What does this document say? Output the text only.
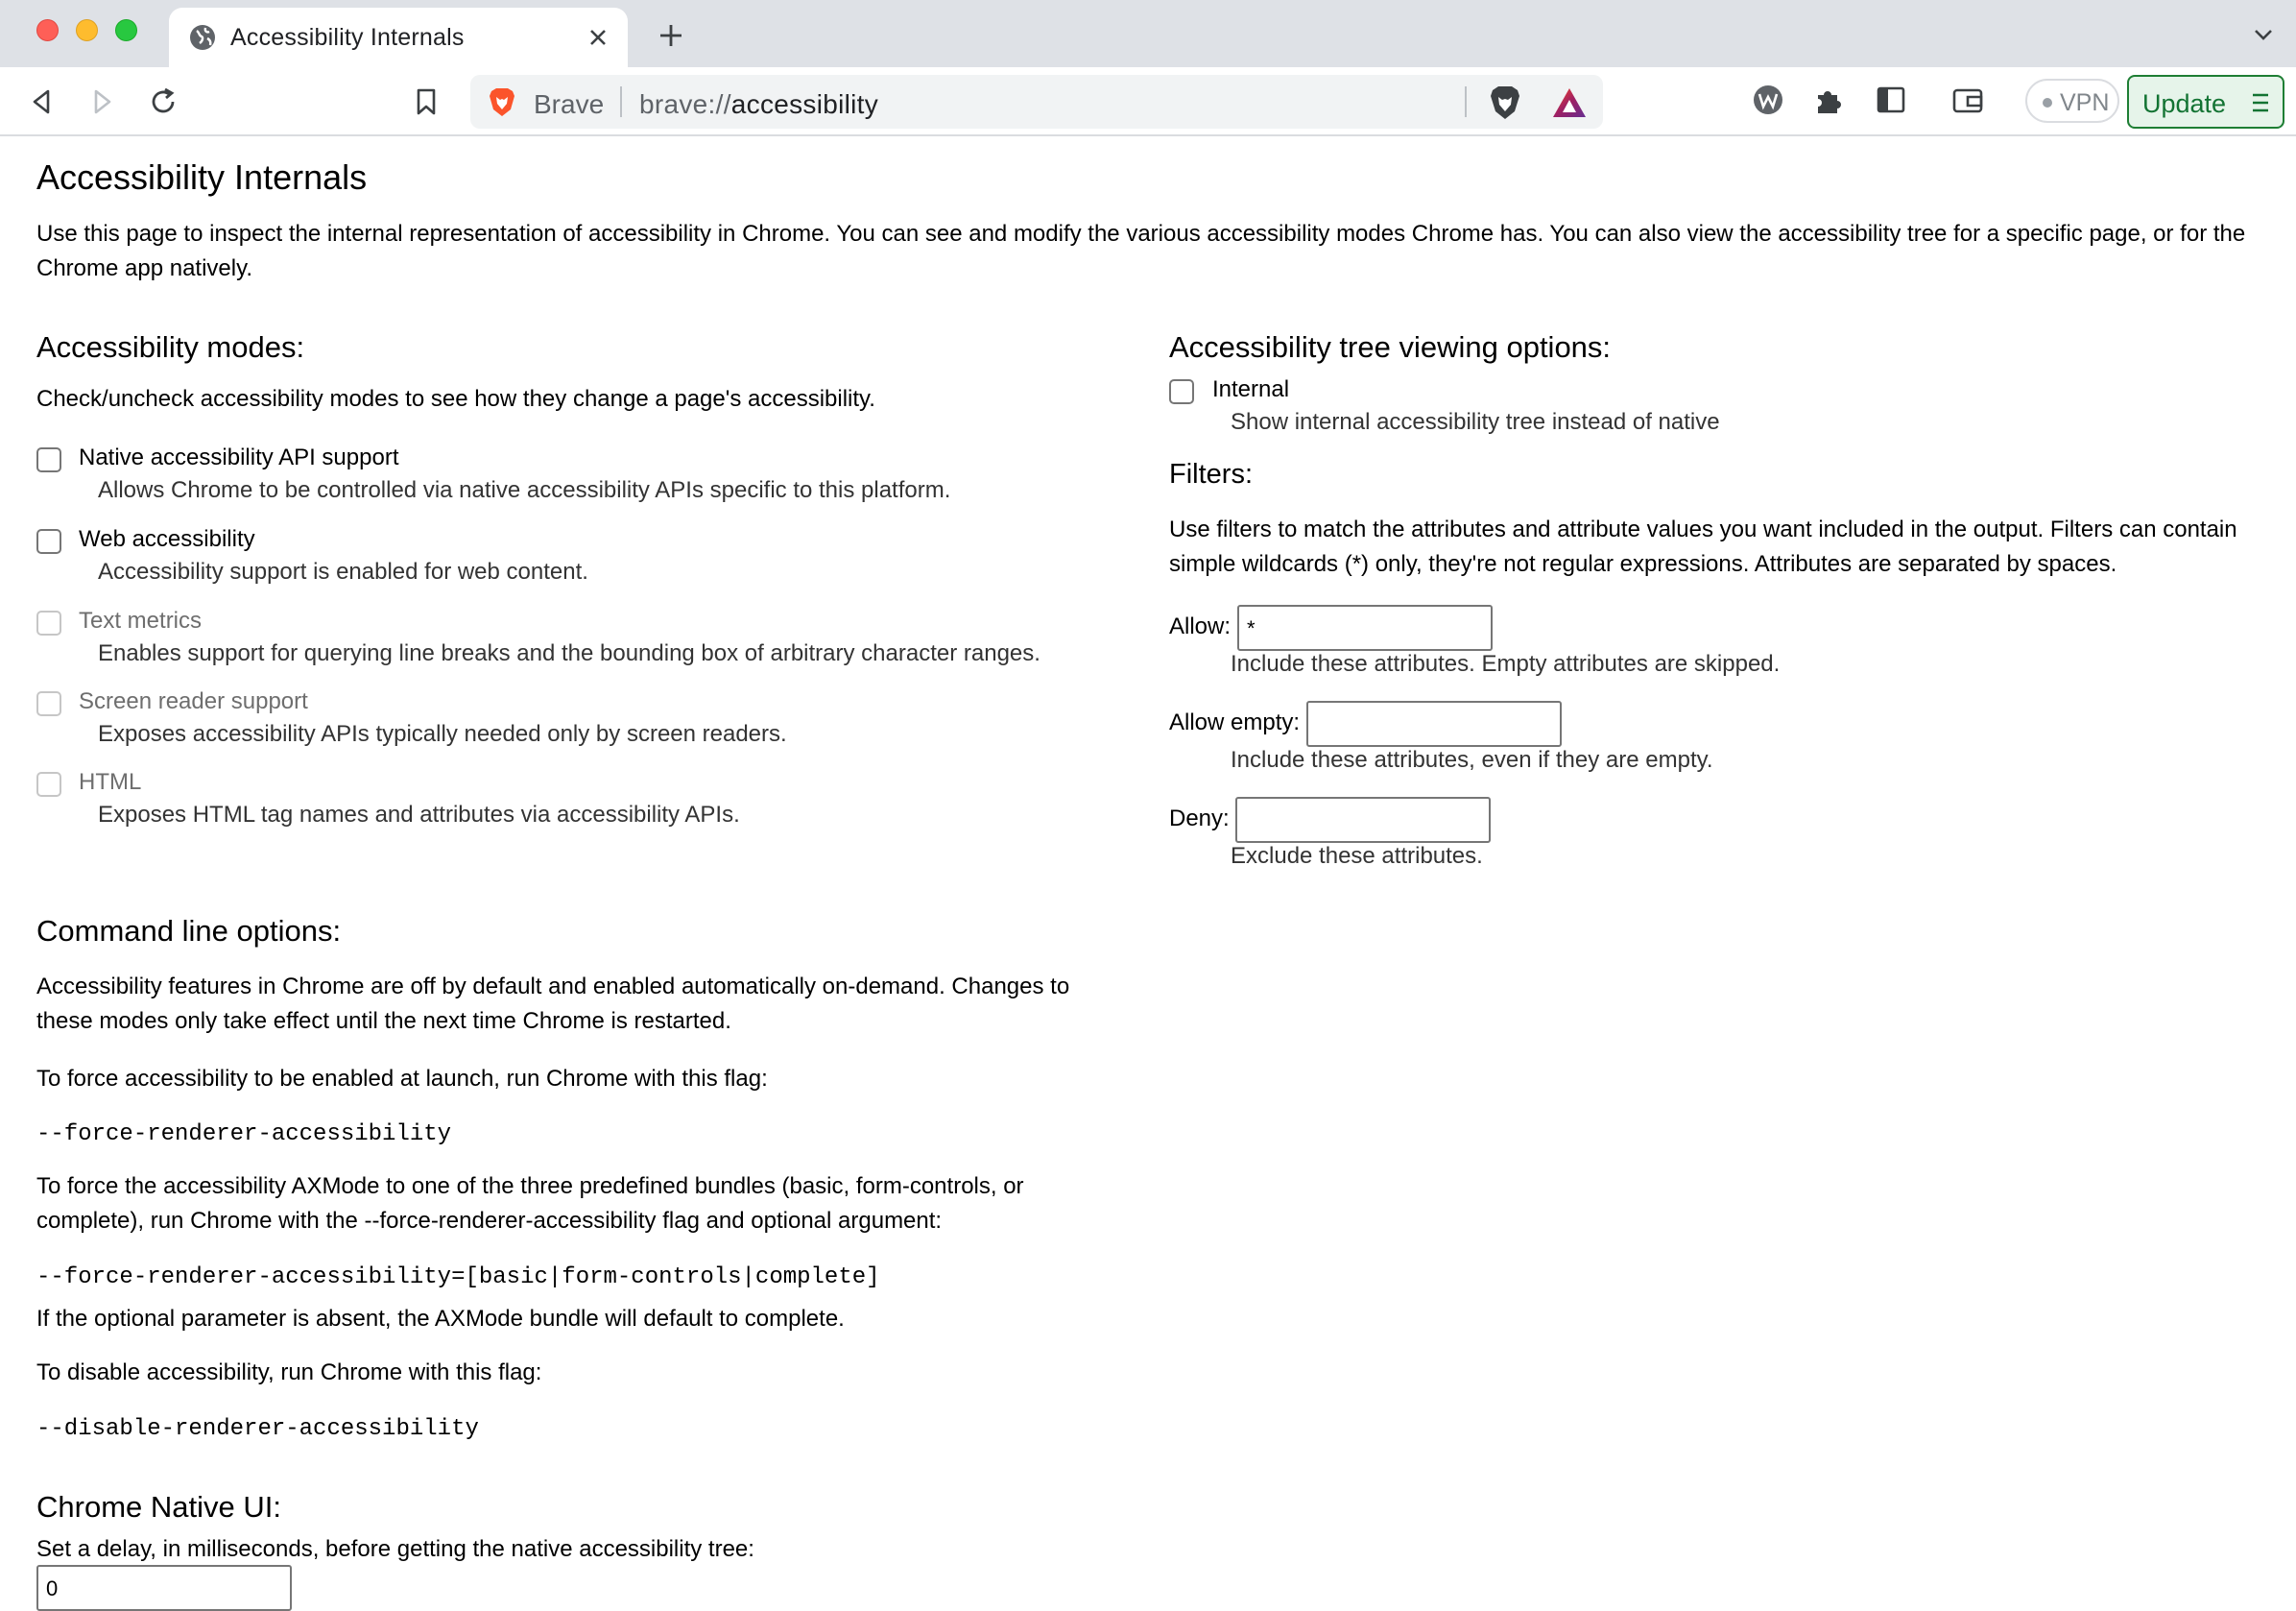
Accessibility Internals
Brave brave://accessibility	VPN Update
Accessibility Internals

Use this page to inspect the internal representation of accessibility in Chrome. You can see and modify the various accessibility modes Chrome has. You can also view the accessibility tree for a specific page, or for the Chrome app natively.

Accessibility modes:

Check/uncheck accessibility modes to see how they change a page's accessibility.

Native accessibility API support
Allows Chrome to be controlled via native accessibility APIs specific to this platform.
Web accessibility
Accessibility support is enabled for web content.
Text metrics
Enables support for querying line breaks and the bounding box of arbitrary character ranges.
Screen reader support
Exposes accessibility APIs typically needed only by screen readers.
HTML
Exposes HTML tag names and attributes via accessibility APIs.
Accessibility tree viewing options:
Internal
Show internal accessibility tree instead of native
Filters:

Use filters to match the attributes and attribute values you want included in the output. Filters can contain simple wildcards (*) only, they're not regular expressions. Attributes are separated by spaces.

Allow: *
Include these attributes. Empty attributes are skipped.
Allow empty:
Include these attributes, even if they are empty.
Deny:
Exclude these attributes.
Command line options:

Accessibility features in Chrome are off by default and enabled automatically on-demand. Changes to these modes only take effect until the next time Chrome is restarted.

To force accessibility to be enabled at launch, run Chrome with this flag:

--force-renderer-accessibility

To force the accessibility AXMode to one of the three predefined bundles (basic, form-controls, or complete), run Chrome with the --force-renderer-accessibility flag and optional argument:

--force-renderer-accessibility=[basic|form-controls|complete]

If the optional parameter is absent, the AXMode bundle will default to complete.

To disable accessibility, run Chrome with this flag:

--disable-renderer-accessibility
Chrome Native UI:

Set a delay, in milliseconds, before getting the native accessibility tree:

0
